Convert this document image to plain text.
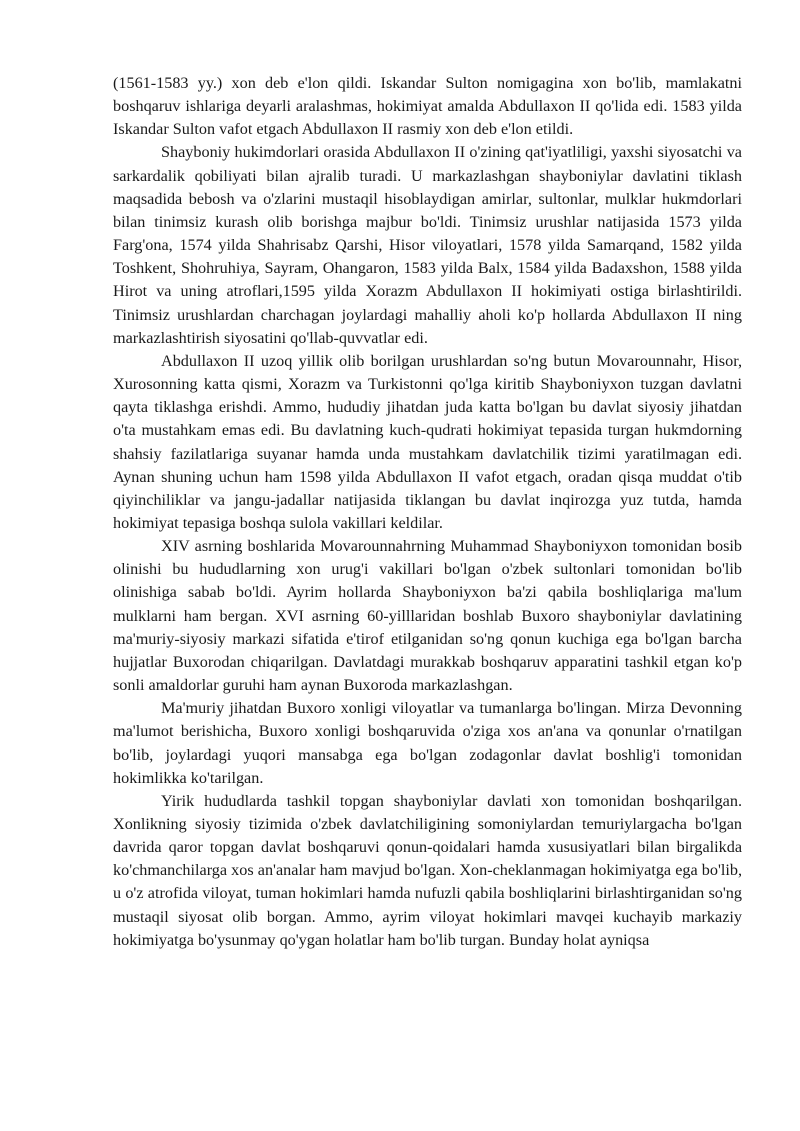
(1561-1583 yy.) xon deb e'lon qildi. Iskandar Sulton nomigagina xon bo'lib, mamlakatni boshqaruv ishlariga deyarli aralashmas, hokimiyat amalda Abdullaxon II qo'lida edi. 1583 yilda Iskandar Sulton vafot etgach Abdullaxon II rasmiy xon deb e'lon etildi.

Shayboniy hukimdorlari orasida Abdullaxon II o'zining qat'iyatliligi, yaxshi siyosatchi va sarkardalik qobiliyati bilan ajralib turadi. U markazlashgan shayboniylar davlatini tiklash maqsadida bebosh va o'zlarini mustaqil hisoblaydigan amirlar, sultonlar, mulklar hukmdorlari bilan tinimsiz kurash olib borishga majbur bo'ldi. Tinimsiz urushlar natijasida 1573 yilda Farg'ona, 1574 yilda Shahrisabz Qarshi, Hisor viloyatlari, 1578 yilda Samarqand, 1582 yilda Toshkent, Shohruhiya, Sayram, Ohangaron, 1583 yilda Balx, 1584 yilda Badaxshon, 1588 yilda Hirot va uning atroflari,1595 yilda Xorazm Abdullaxon II hokimiyati ostiga birlashtirildi. Tinimsiz urushlardan charchagan joylardagi mahalliy aholi ko'p hollarda Abdullaxon II ning markazlashtirish siyosatini qo'llab-quvvatlar edi.

Abdullaxon II uzoq yillik olib borilgan urushlardan so'ng butun Movarounnahr, Hisor, Xurosonning katta qismi, Xorazm va Turkistonni qo'lga kiritib Shayboniyxon tuzgan davlatni qayta tiklashga erishdi. Ammo, hududiy jihatdan juda katta bo'lgan bu davlat siyosiy jihatdan o'ta mustahkam emas edi. Bu davlatning kuch-qudrati hokimiyat tepasida turgan hukmdorning shahsiy fazilatlariga suyanar hamda unda mustahkam davlatchilik tizimi yaratilmagan edi. Aynan shuning uchun ham 1598 yilda Abdullaxon II vafot etgach, oradan qisqa muddat o'tib qiyinchiliklar va jangu-jadallar natijasida tiklangan bu davlat inqirozga yuz tutda, hamda hokimiyat tepasiga boshqa sulola vakillari keldilar.

XIV asrning boshlarida Movarounnahrning Muhammad Shayboniyxon tomonidan bosib olinishi bu hududlarning xon urug'i vakillari bo'lgan o'zbek sultonlari tomonidan bo'lib olinishiga sabab bo'ldi. Ayrim hollarda Shayboniyxon ba'zi qabila boshliqlariga ma'lum mulklarni ham bergan. XVI asrning 60-yilllaridan boshlab Buxoro shayboniylar davlatining ma'muriy-siyosiy markazi sifatida e'tirof etilganidan so'ng qonun kuchiga ega bo'lgan barcha hujjatlar Buxorodan chiqarilgan. Davlatdagi murakkab boshqaruv apparatini tashkil etgan ko'p sonli amaldorlar guruhi ham aynan Buxoroda markazlashgan.

Ma'muriy jihatdan Buxoro xonligi viloyatlar va tumanlarga bo'lingan. Mirza Devonning ma'lumot berishicha, Buxoro xonligi boshqaruvida o'ziga xos an'ana va qonunlar o'rnatilgan bo'lib, joylardagi yuqori mansabga ega bo'lgan zodagonlar davlat boshlig'i tomonidan hokimlikka ko'tarilgan.

Yirik hududlarda tashkil topgan shayboniylar davlati xon tomonidan boshqarilgan. Xonlikning siyosiy tizimida o'zbek davlatchiligining somoniylardan temuriylargacha bo'lgan davrida qaror topgan davlat boshqaruvi qonun-qoidalari hamda xususiyatlari bilan birgalikda ko'chmanchilarga xos an'analar ham mavjud bo'lgan. Xon-cheklanmagan hokimiyatga ega bo'lib, u o'z atrofida viloyat, tuman hokimlari hamda nufuzli qabila boshliqlarini birlashtirganidan so'ng mustaqil siyosat olib borgan. Ammo, ayrim viloyat hokimlari mavqei kuchayib markaziy hokimiyatga bo'ysunmay qo'ygan holatlar ham bo'lib turgan. Bunday holat ayniqsa
